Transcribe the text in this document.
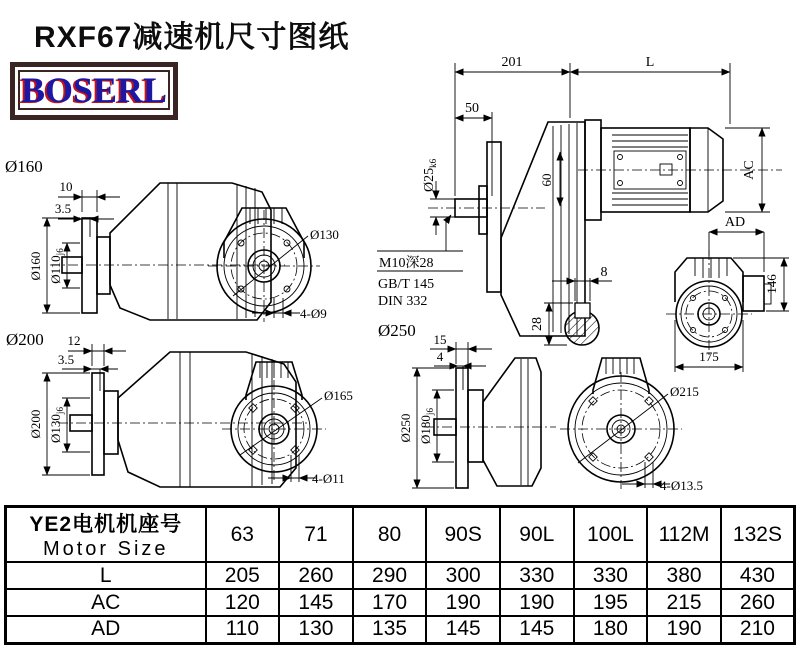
RXF67减速机尺寸图纸
BOSERL
201	L
50
$Ø25_{k6}$
60
AC
M10深28
GB/T 145
DIN 332
8
28
AD
146
175
Ø160
10
3.5
Ø160 $Ø110_{j6}$
Ø130
4-Ø9
Ø200 12
3.5
Ø200 $Ø130_{j6}$
Ø165
4-Ø11
Ø250 15
4
Ø250 $Ø180_{j6}$
Ø215
4-Ø13.5
YE2电机机座号
Motor Size	63	71	80	90S	90L	100L	112M	132S
L	205	260	290	300	330	330	380	430
AC	120	145	170	190	190	195	215	260
AD	110	130	135	145	145	180	190	210
